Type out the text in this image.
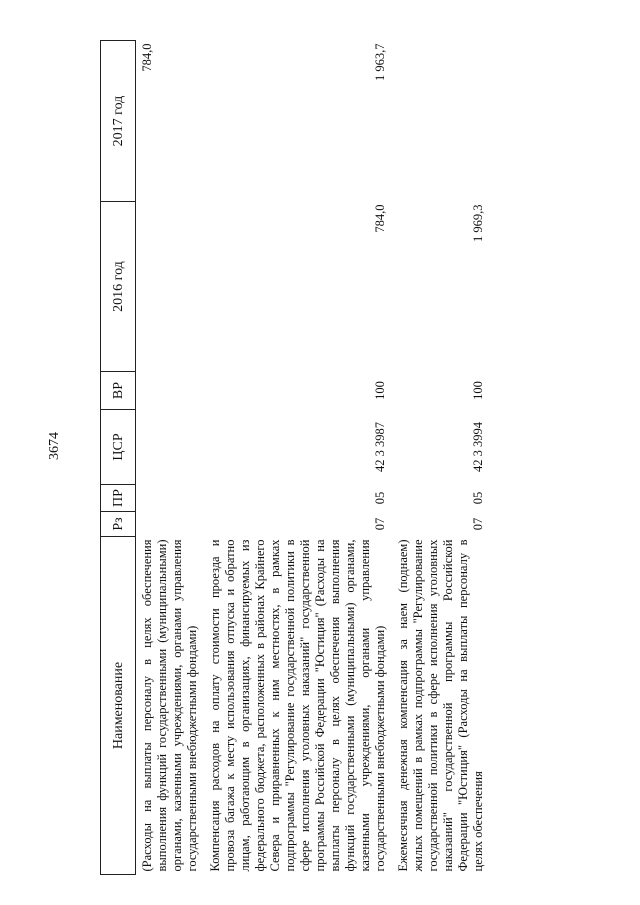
3674
Наименование	Рз	ПР	ЦСР	ВР	2016 год	2017 год
(Расходы на выплаты персоналу в целях обеспечения выполнения функций государственными (муниципальными) органами, казенными учреждениями, органами управления государственными внебюджетными фондами)						784,0
Компенсация расходов на оплату стоимости проезда и провоза багажа к месту использования отпуска и обратно лицам, работающим в организациях, финансируемых из федерального бюджета, расположенных в районах Крайнего Севера и приравненных к ним местностях, в рамках подпрограммы "Регулирование государственной политики в сфере исполнения уголовных наказаний" государственной программы Российской Федерации "Юстиция" (Расходы на выплаты персоналу в целях обеспечения выполнения функций государственными (муниципальными) органами, казенными учреждениями, органами управления государственными внебюджетными фондами)	07	05	42 3 3987	100	784,0	1 963,7
Ежемесячная денежная компенсация за наем (поднаем) жилых помещений в рамках подпрограммы "Регулирование государственной политики в сфере исполнения уголовных наказаний" государственной программы Российской Федерации "Юстиция" (Расходы на выплаты персоналу в целях обеспечения	07	05	42 3 3994	100	1 969,3	
